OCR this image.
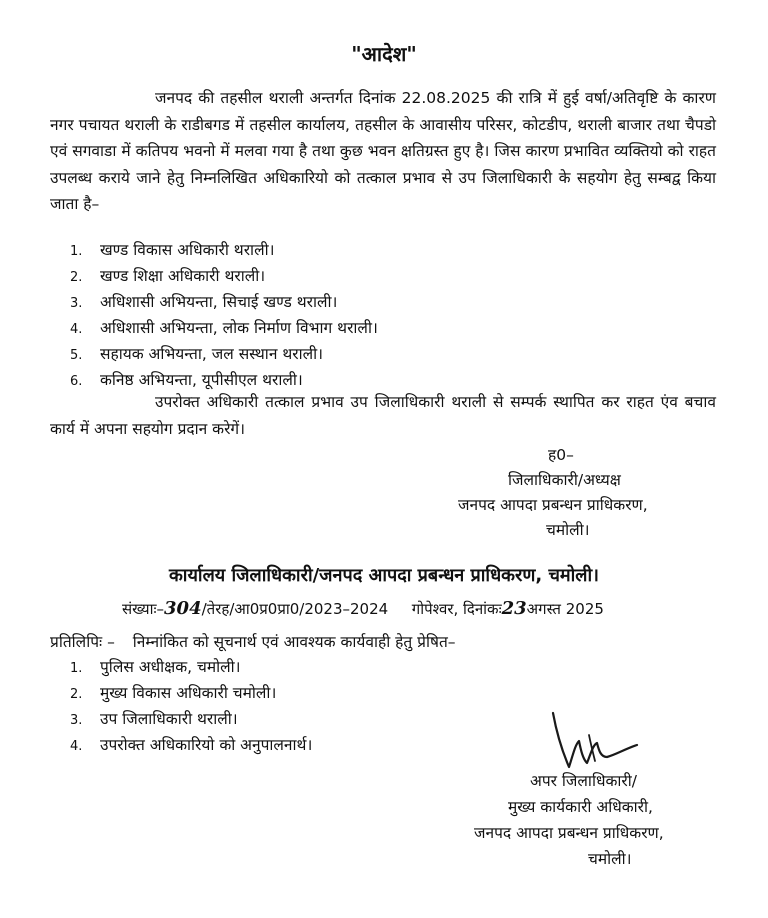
"आदेश"

जनपद की तहसील थराली अन्तर्गत दिनांक 22.08.2025 की रात्रि में हुई वर्षा/अतिवृष्टि के कारण नगर पचायत थराली के राडीबगड में तहसील कार्यालय, तहसील के आवासीय परिसर, कोटडीप, थराली बाजार तथा चैपडो एवं सगवाडा में कतिपय भवनो में मलवा गया है तथा कुछ भवन क्षतिग्रस्त हुए है। जिस कारण प्रभावित व्यक्तियो को राहत उपलब्ध कराये जाने हेतु निम्नलिखित अधिकारियो को तत्काल प्रभाव से उप जिलाधिकारी के सहयोग हेतु सम्बद्व किया जाता है–

1. खण्ड विकास अधिकारी थराली।
2. खण्ड शिक्षा अधिकारी थराली।
3. अधिशासी अभियन्ता, सिचाई खण्ड थराली।
4. अधिशासी अभियन्ता, लोक निर्माण विभाग थराली।
5. सहायक अभियन्ता, जल सस्थान थराली।
6. कनिष्ठ अभियन्ता, यूपीसीएल थराली।

उपरोक्त अधिकारी तत्काल प्रभाव उप जिलाधिकारी थराली से सम्पर्क स्थापित कर राहत एंव बचाव कार्य में अपना सहयोग प्रदान करेगें।

ह0–
जिलाधिकारी/अध्यक्ष
जनपद आपदा प्रबन्धन प्राधिकरण,
चमोली।
कार्यालय जिलाधिकारी/जनपद आपदा प्रबन्धन प्राधिकरण, चमोली।
संख्याः–304/तेरह/आ0प्र0प्रा0/2023–2024 गोपेश्वर, दिनांकः23अगस्त 2025
प्रतिलिपिः – निम्नांकित को सूचनार्थ एवं आवश्यक कार्यवाही हेतु प्रेषित–
1. पुलिस अधीक्षक, चमोली।
2. मुख्य विकास अधिकारी चमोली।
3. उप जिलाधिकारी थराली।
4. उपरोक्त अधिकारियो को अनुपालनार्थ।
अपर जिलाधिकारी/
मुख्य कार्यकारी अधिकारी,
जनपद आपदा प्रबन्धन प्राधिकरण,
चमोली।
